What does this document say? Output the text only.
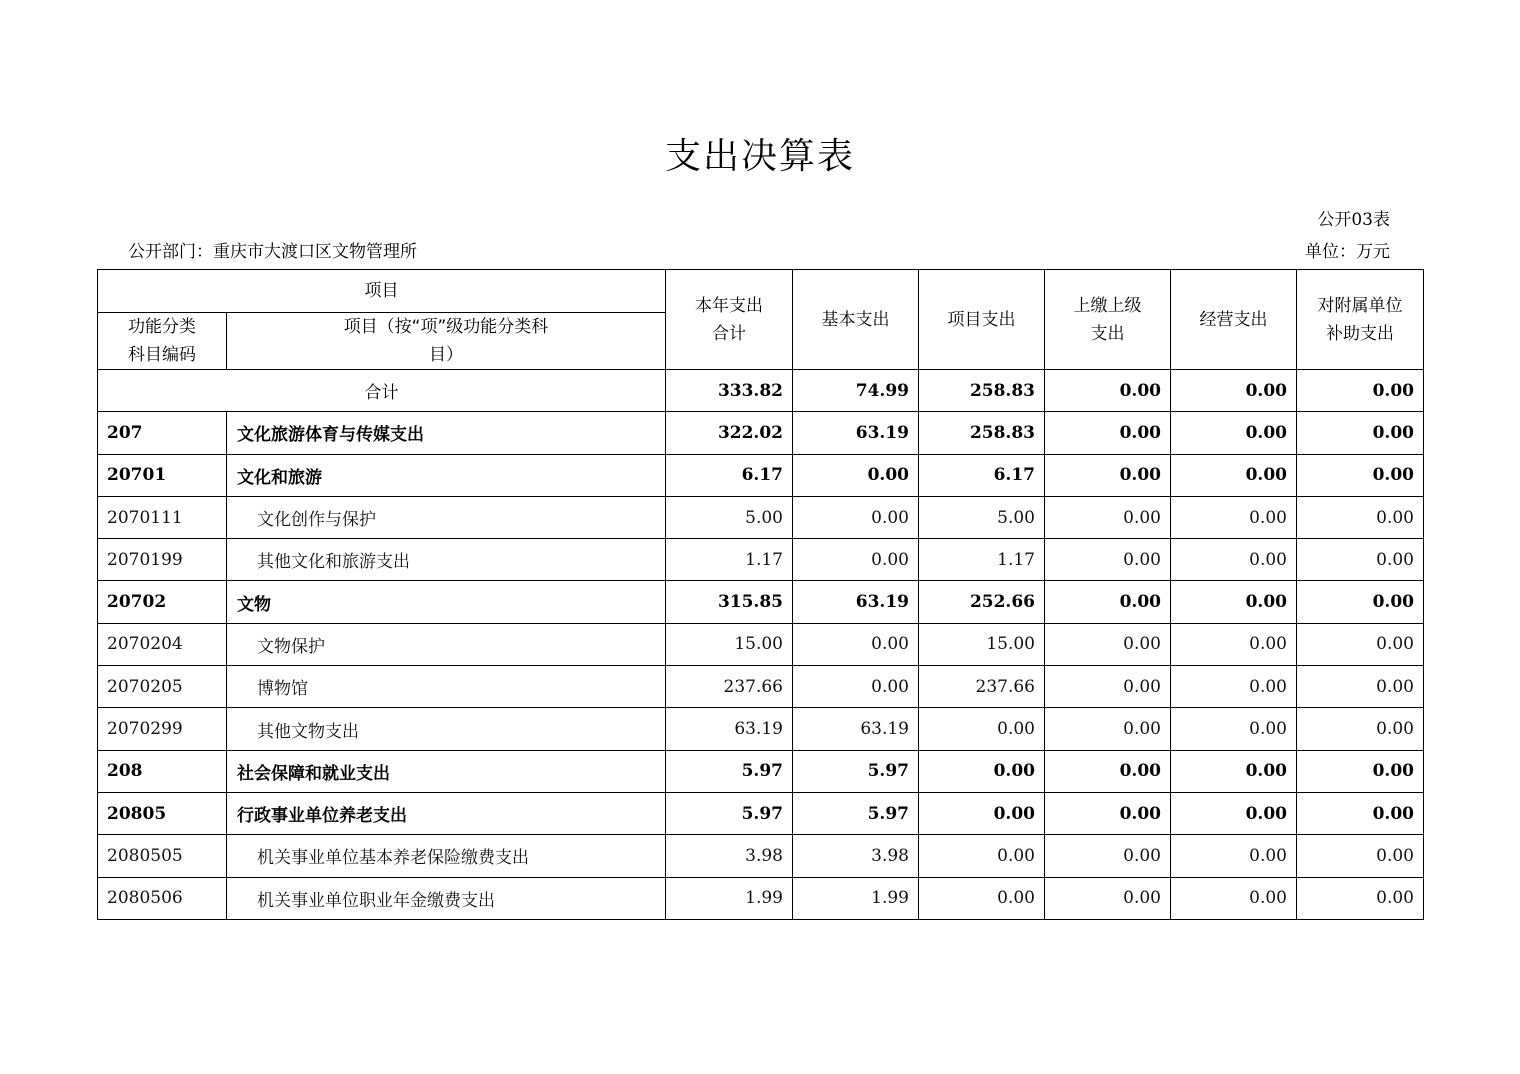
支出决算表
公开03表
公开部门：重庆市大渡口区文物管理所	单位：万元
项目		本年支出合计	基本支出	项目支出	上缴上级支出	经营支出	对附属单位补助支出
功能分类科目编码	项目（按“项”级功能分类科目）						
合计		333.82	74.99	258.83	0.00	0.00	0.00
207	文化旅游体育与传媒支出	322.02	63.19	258.83	0.00	0.00	0.00
20701	文化和旅游	6.17	0.00	6.17	0.00	0.00	0.00
2070111	文化创作与保护	5.00	0.00	5.00	0.00	0.00	0.00
2070199	其他文化和旅游支出	1.17	0.00	1.17	0.00	0.00	0.00
20702	文物	315.85	63.19	252.66	0.00	0.00	0.00
2070204	文物保护	15.00	0.00	15.00	0.00	0.00	0.00
2070205	博物馆	237.66	0.00	237.66	0.00	0.00	0.00
2070299	其他文物支出	63.19	63.19	0.00	0.00	0.00	0.00
208	社会保障和就业支出	5.97	5.97	0.00	0.00	0.00	0.00
20805	行政事业单位养老支出	5.97	5.97	0.00	0.00	0.00	0.00
2080505	机关事业单位基本养老保险缴费支出	3.98	3.98	0.00	0.00	0.00	0.00
2080506	机关事业单位职业年金缴费支出	1.99	1.99	0.00	0.00	0.00	0.00
